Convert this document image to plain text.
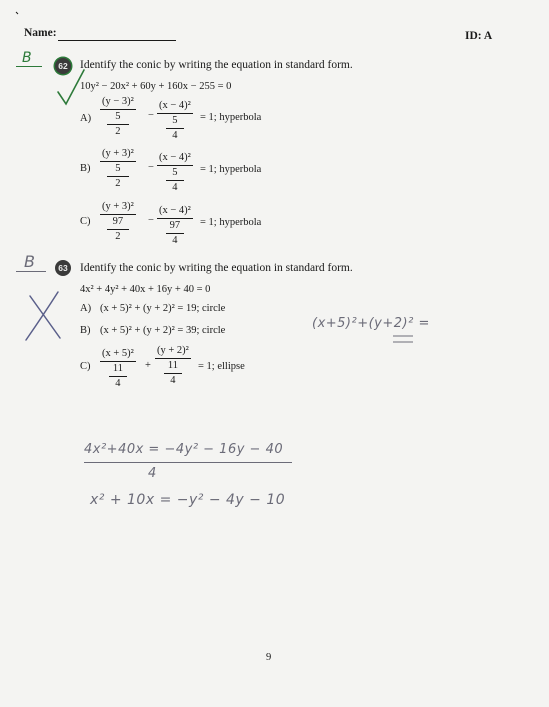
Name:	ID: A
B	62 Identify the conic by writing the equation in standard form.
10y² − 20x² + 60y + 160x − 255 = 0
A)
(y − 3)²
5
2
−
(x − 4)²
5
4
= 1; hyperbola
B)
(y + 3)²
5
2
−
(x − 4)²
5
4
= 1; hyperbola
C)
(y + 3)²
97
2
−
(x − 4)²
97
4
= 1; hyperbola
B	63 Identify the conic by writing the equation in standard form.
4x² + 4y² + 40x + 16y + 40 = 0
A) (x + 5)² + (y + 2)² = 19; circle
B) (x + 5)² + (y + 2)² = 39; circle
C)
(x + 5)²
11
4
+
(y + 2)²
11
4
= 1; ellipse
(x+5)²+(y+2)² =
4x²+40x = −4y² − 16y − 40
4
x² + 10x = −y² − 4y − 10
9
